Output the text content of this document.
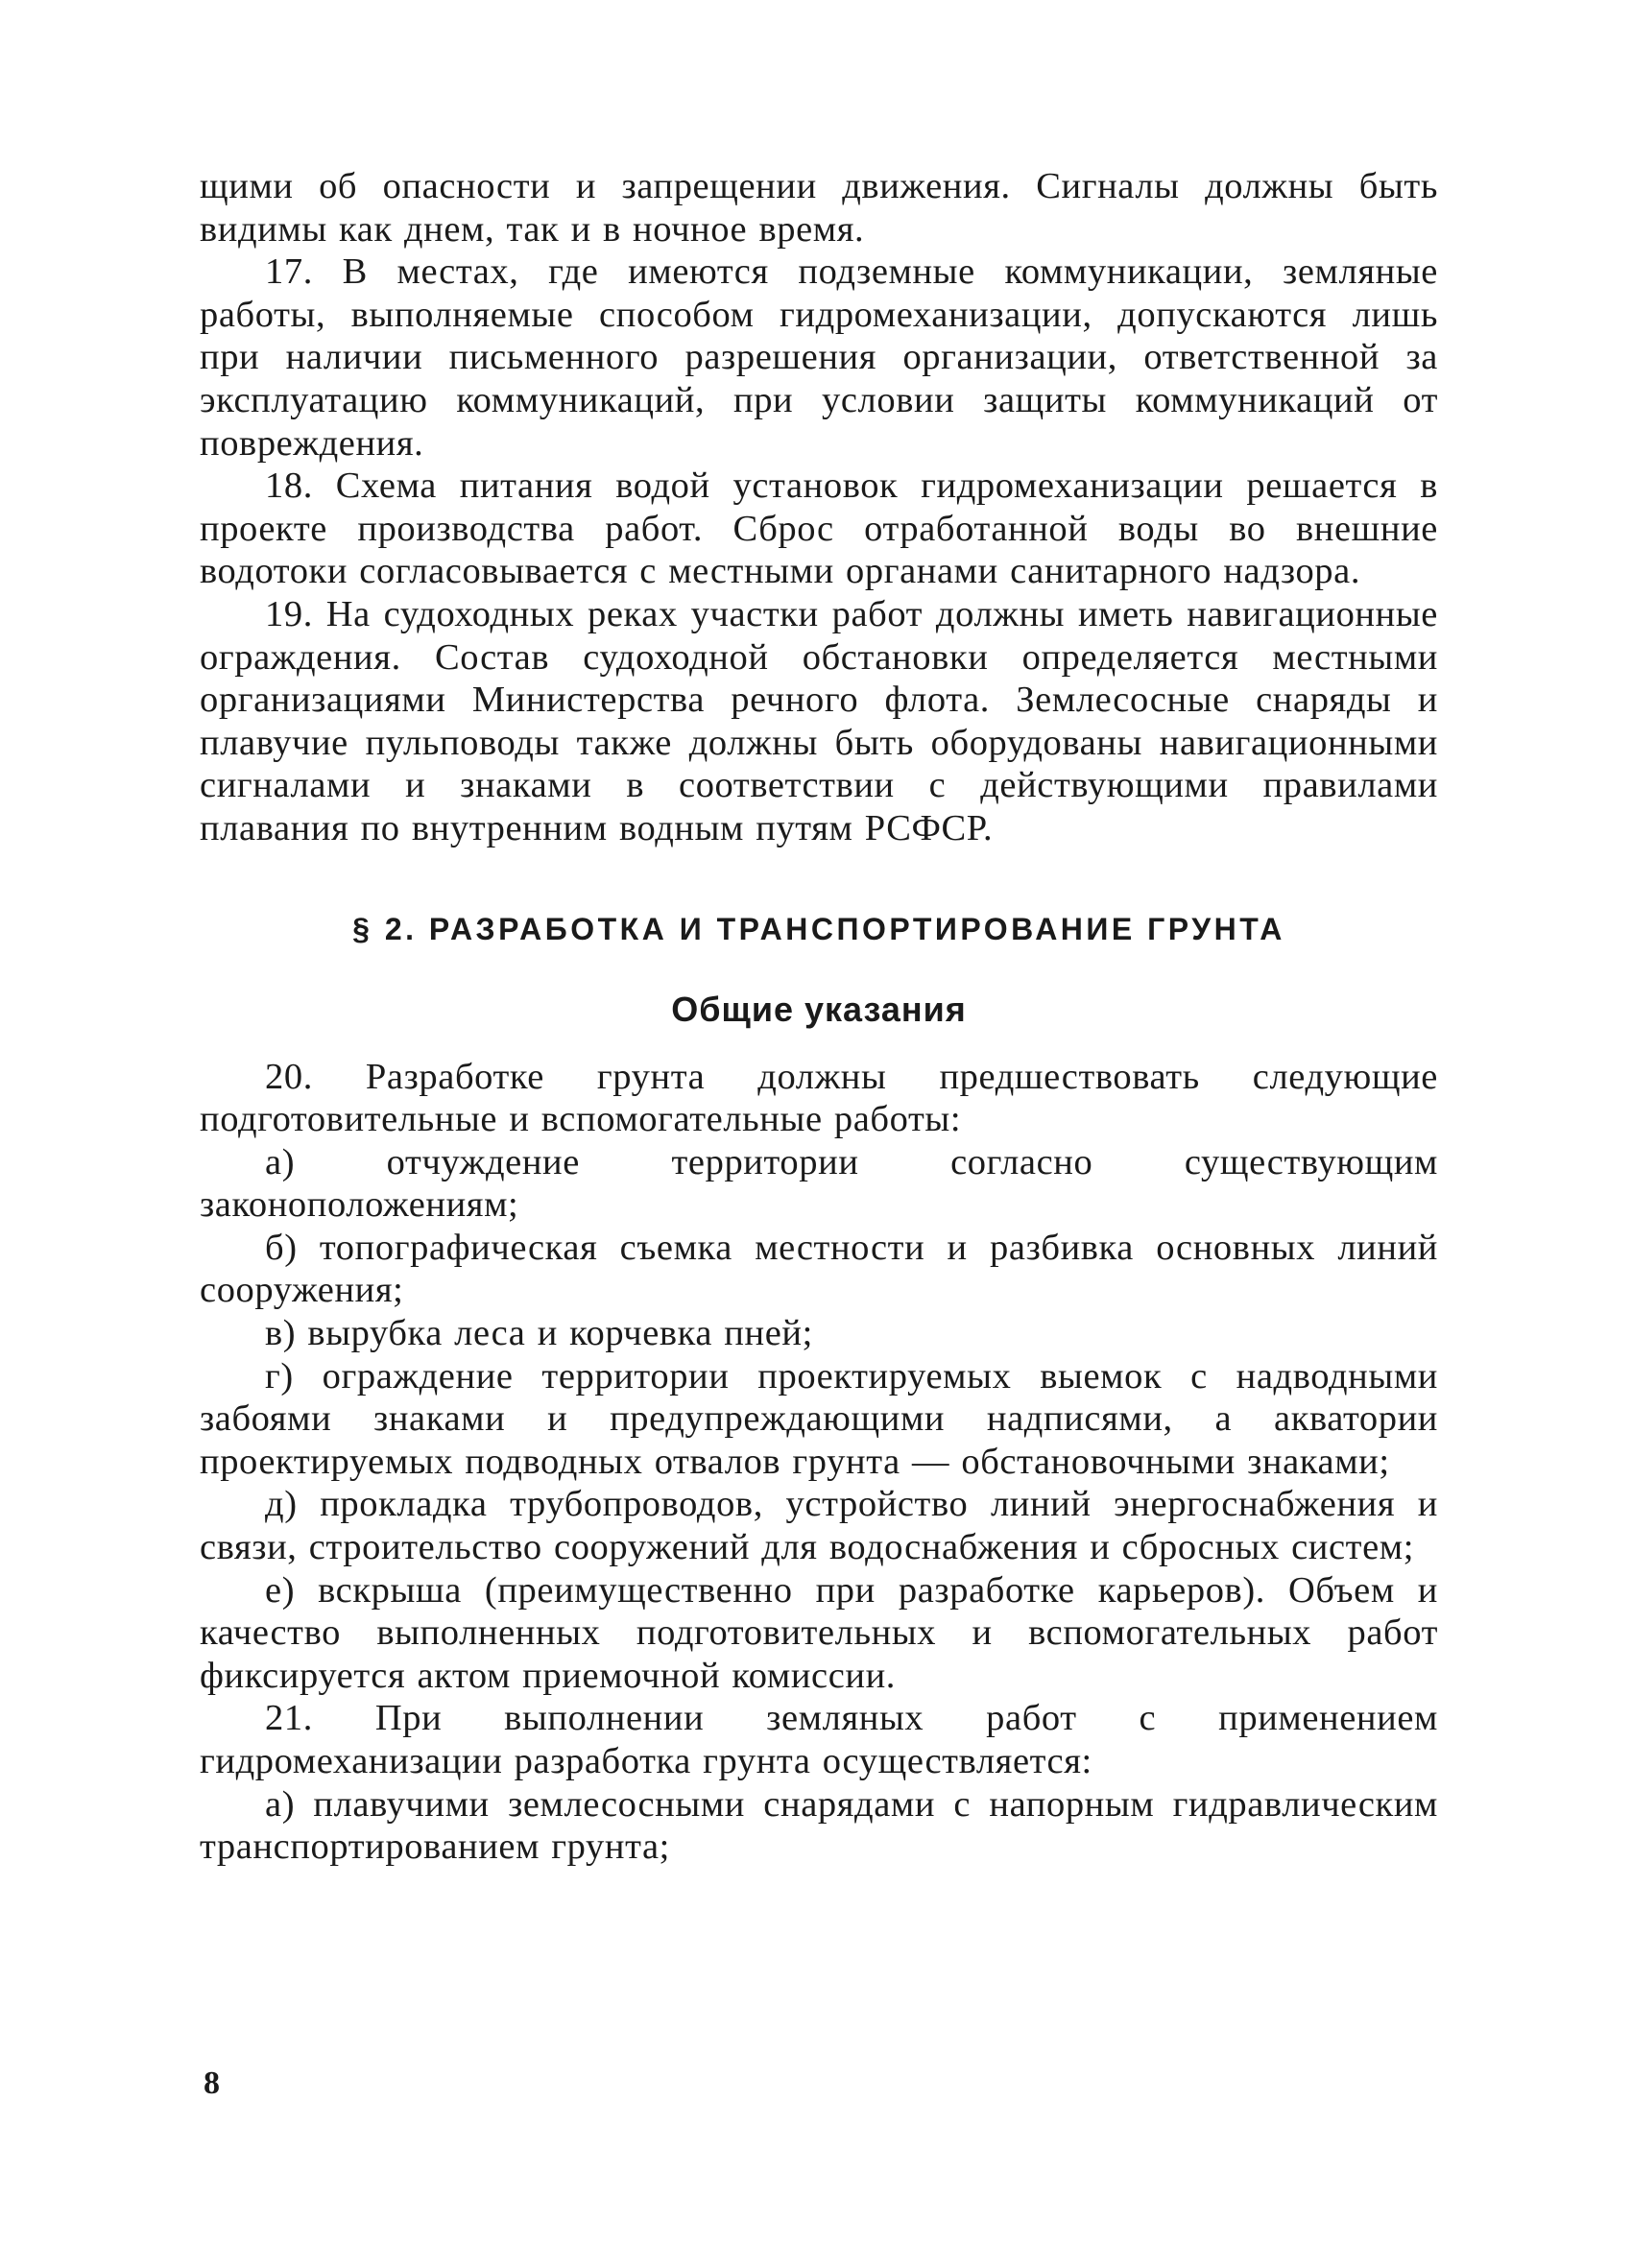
щими об опасности и запрещении движения. Сигналы должны быть видимы как днем, так и в ночное время.

17. В местах, где имеются подземные коммуникации, земляные работы, выполняемые способом гидромеханизации, допускаются лишь при наличии письменного разрешения организации, ответственной за эксплуатацию коммуникаций, при условии защиты коммуникаций от повреждения.

18. Схема питания водой установок гидромеханизации решается в проекте производства работ. Сброс отработанной воды во внешние водотоки согласовывается с местными органами санитарного надзора.

19. На судоходных реках участки работ должны иметь навигационные ограждения. Состав судоходной обстановки определяется местными организациями Министерства речного флота. Землесосные снаряды и плавучие пульповоды также должны быть оборудованы навигационными сигналами и знаками в соответствии с действующими правилами плавания по внутренним водным путям РСФСР.

§ 2. РАЗРАБОТКА И ТРАНСПОРТИРОВАНИЕ ГРУНТА
Общие указания

20. Разработке грунта должны предшествовать следующие подготовительные и вспомогательные работы:

а) отчуждение территории согласно существующим законоположениям;

б) топографическая съемка местности и разбивка основных линий сооружения;

в) вырубка леса и корчевка пней;

г) ограждение территории проектируемых выемок с надводными забоями знаками и предупреждающими надписями, а акватории проектируемых подводных отвалов грунта — обстановочными знаками;

д) прокладка трубопроводов, устройство линий энергоснабжения и связи, строительство сооружений для водоснабжения и сбросных систем;

е) вскрыша (преимущественно при разработке карьеров). Объем и качество выполненных подготовительных и вспомогательных работ фиксируется актом приемочной комиссии.

21. При выполнении земляных работ с применением гидромеханизации разработка грунта осуществляется:

а) плавучими землесосными снарядами с напорным гидравлическим транспортированием грунта;

8
